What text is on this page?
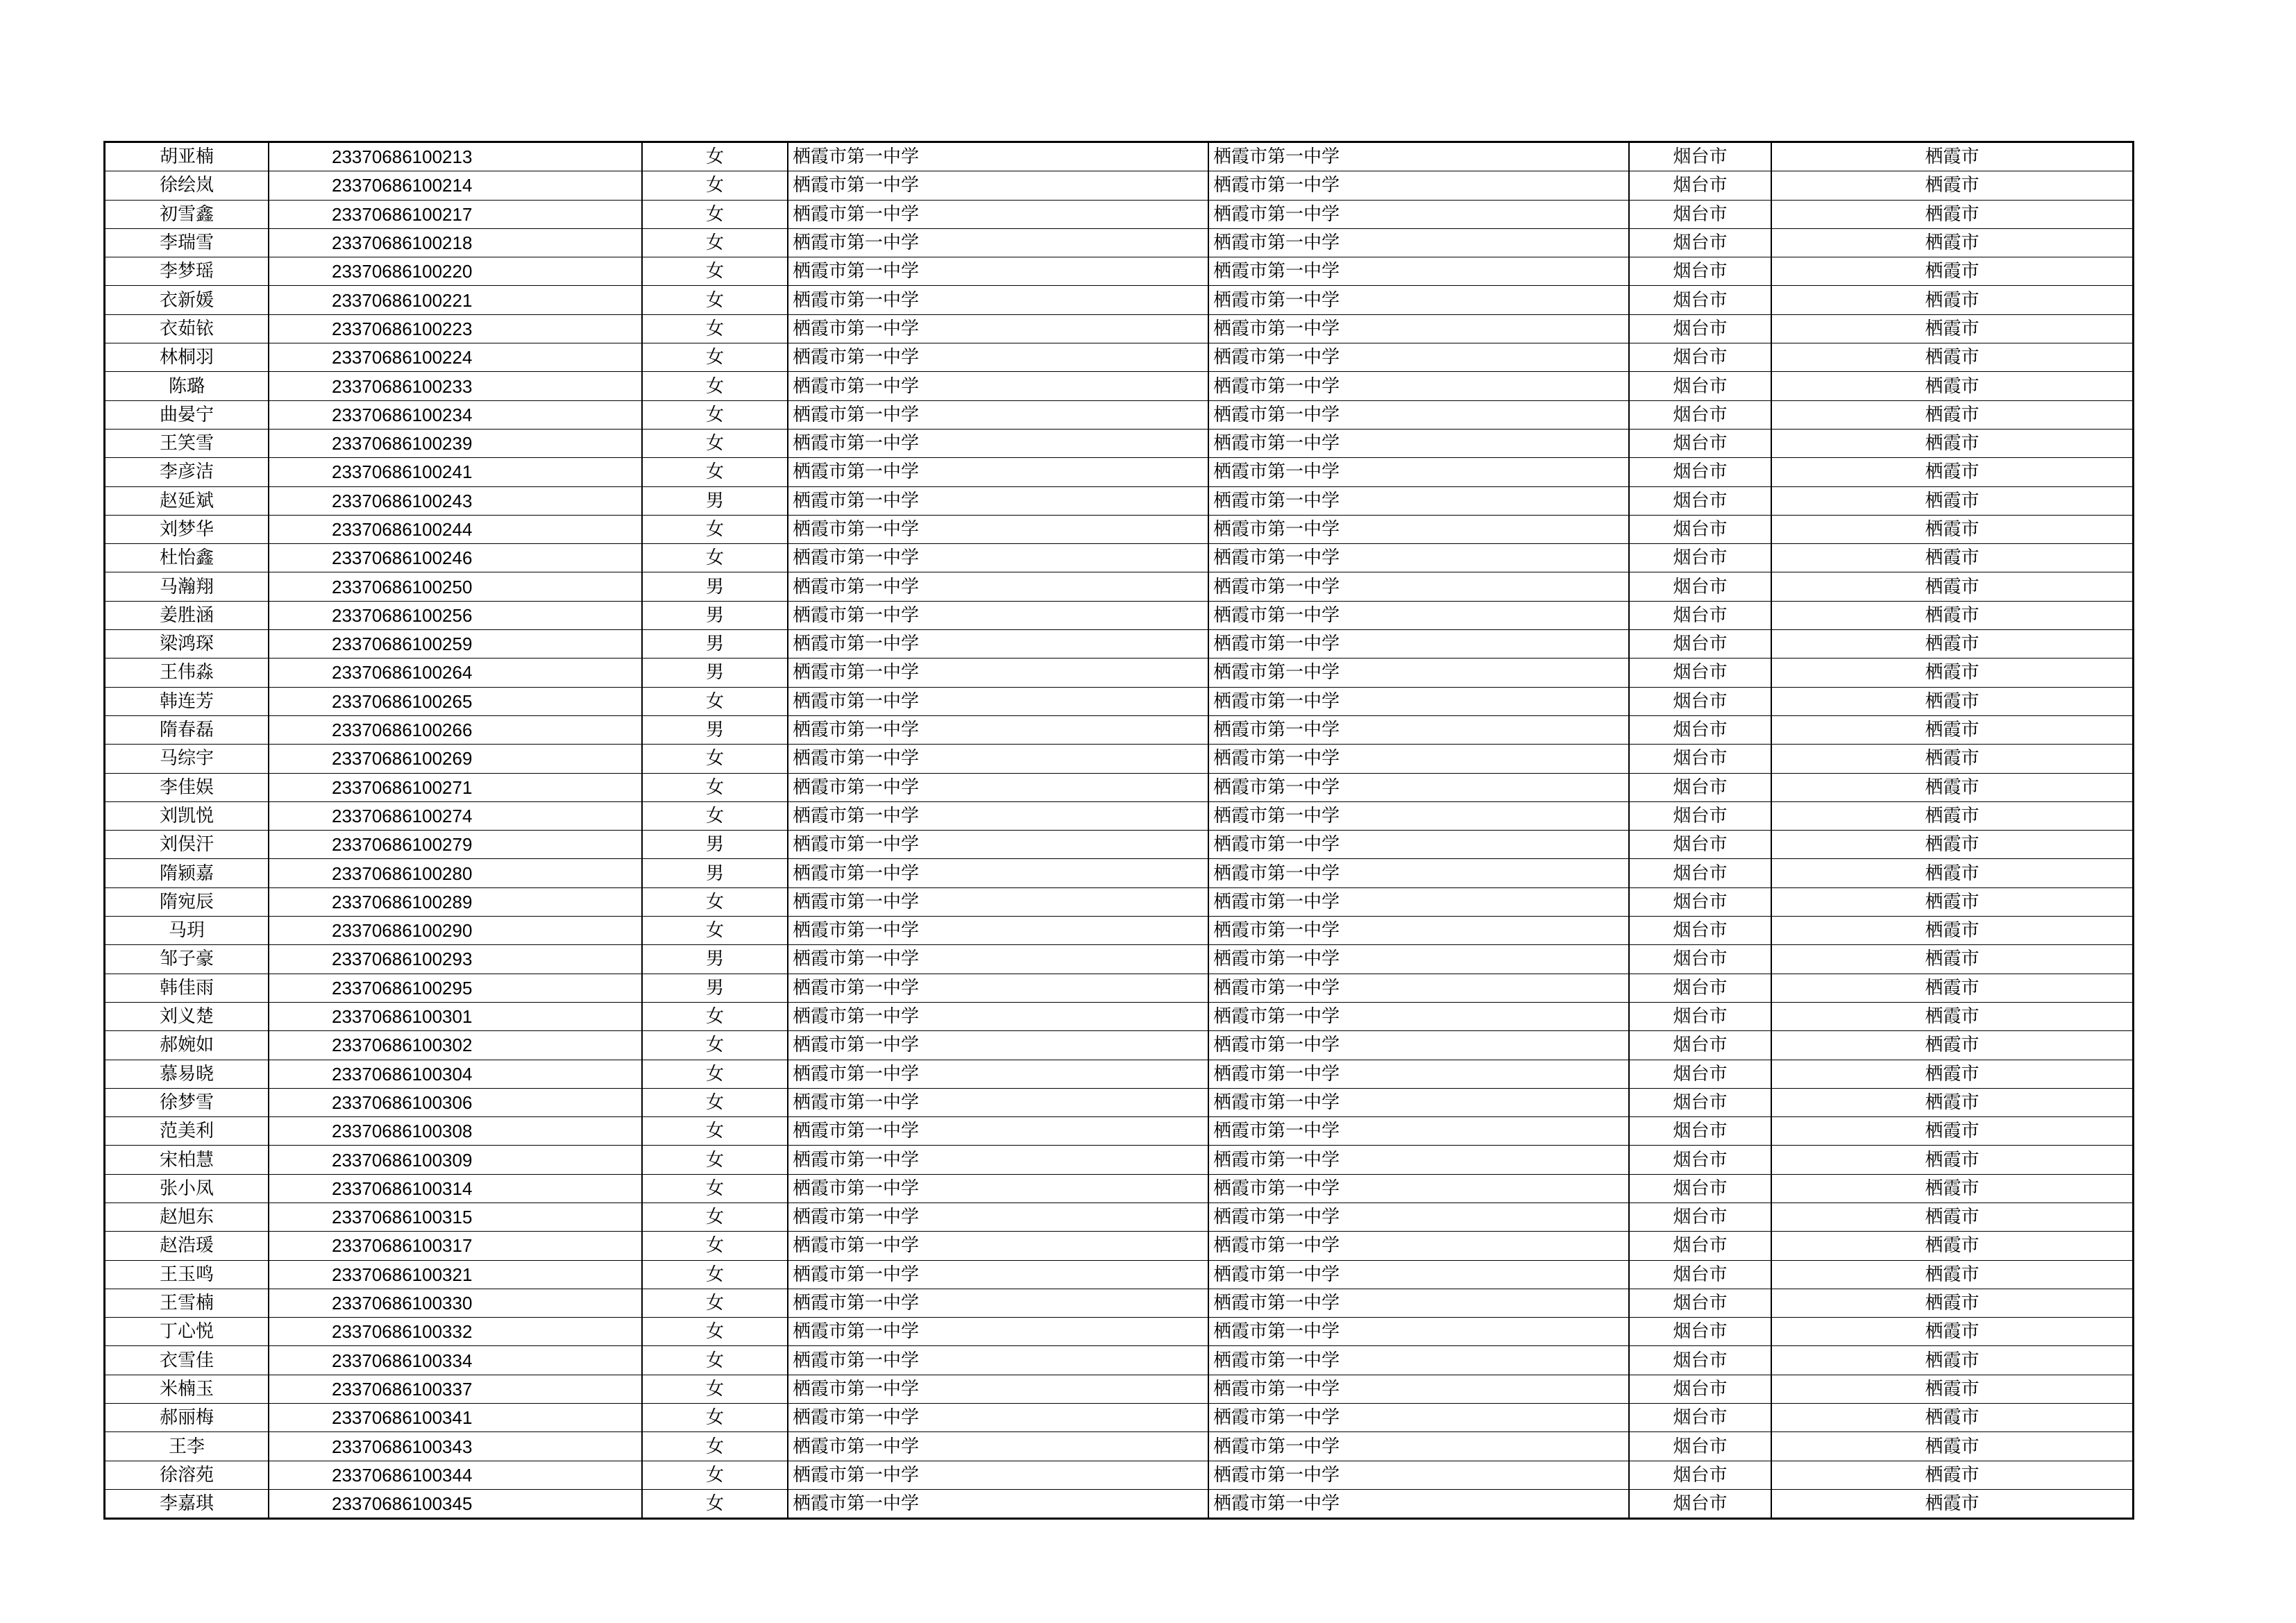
胡亚楠	23370686100213	女	栖霞市第一中学	栖霞市第一中学	烟台市	栖霞市
徐绘岚	23370686100214	女	栖霞市第一中学	栖霞市第一中学	烟台市	栖霞市
初雪鑫	23370686100217	女	栖霞市第一中学	栖霞市第一中学	烟台市	栖霞市
李瑞雪	23370686100218	女	栖霞市第一中学	栖霞市第一中学	烟台市	栖霞市
李梦瑶	23370686100220	女	栖霞市第一中学	栖霞市第一中学	烟台市	栖霞市
衣新媛	23370686100221	女	栖霞市第一中学	栖霞市第一中学	烟台市	栖霞市
衣茹铱	23370686100223	女	栖霞市第一中学	栖霞市第一中学	烟台市	栖霞市
林桐羽	23370686100224	女	栖霞市第一中学	栖霞市第一中学	烟台市	栖霞市
陈璐	23370686100233	女	栖霞市第一中学	栖霞市第一中学	烟台市	栖霞市
曲晏宁	23370686100234	女	栖霞市第一中学	栖霞市第一中学	烟台市	栖霞市
王笑雪	23370686100239	女	栖霞市第一中学	栖霞市第一中学	烟台市	栖霞市
李彦洁	23370686100241	女	栖霞市第一中学	栖霞市第一中学	烟台市	栖霞市
赵延斌	23370686100243	男	栖霞市第一中学	栖霞市第一中学	烟台市	栖霞市
刘梦华	23370686100244	女	栖霞市第一中学	栖霞市第一中学	烟台市	栖霞市
杜怡鑫	23370686100246	女	栖霞市第一中学	栖霞市第一中学	烟台市	栖霞市
马瀚翔	23370686100250	男	栖霞市第一中学	栖霞市第一中学	烟台市	栖霞市
姜胜涵	23370686100256	男	栖霞市第一中学	栖霞市第一中学	烟台市	栖霞市
梁鸿琛	23370686100259	男	栖霞市第一中学	栖霞市第一中学	烟台市	栖霞市
王伟淼	23370686100264	男	栖霞市第一中学	栖霞市第一中学	烟台市	栖霞市
韩连芳	23370686100265	女	栖霞市第一中学	栖霞市第一中学	烟台市	栖霞市
隋春磊	23370686100266	男	栖霞市第一中学	栖霞市第一中学	烟台市	栖霞市
马综宇	23370686100269	女	栖霞市第一中学	栖霞市第一中学	烟台市	栖霞市
李佳娱	23370686100271	女	栖霞市第一中学	栖霞市第一中学	烟台市	栖霞市
刘凯悦	23370686100274	女	栖霞市第一中学	栖霞市第一中学	烟台市	栖霞市
刘俣汗	23370686100279	男	栖霞市第一中学	栖霞市第一中学	烟台市	栖霞市
隋颍嘉	23370686100280	男	栖霞市第一中学	栖霞市第一中学	烟台市	栖霞市
隋宛辰	23370686100289	女	栖霞市第一中学	栖霞市第一中学	烟台市	栖霞市
马玥	23370686100290	女	栖霞市第一中学	栖霞市第一中学	烟台市	栖霞市
邹子豪	23370686100293	男	栖霞市第一中学	栖霞市第一中学	烟台市	栖霞市
韩佳雨	23370686100295	男	栖霞市第一中学	栖霞市第一中学	烟台市	栖霞市
刘义楚	23370686100301	女	栖霞市第一中学	栖霞市第一中学	烟台市	栖霞市
郝婉如	23370686100302	女	栖霞市第一中学	栖霞市第一中学	烟台市	栖霞市
慕易晓	23370686100304	女	栖霞市第一中学	栖霞市第一中学	烟台市	栖霞市
徐梦雪	23370686100306	女	栖霞市第一中学	栖霞市第一中学	烟台市	栖霞市
范美利	23370686100308	女	栖霞市第一中学	栖霞市第一中学	烟台市	栖霞市
宋柏慧	23370686100309	女	栖霞市第一中学	栖霞市第一中学	烟台市	栖霞市
张小凤	23370686100314	女	栖霞市第一中学	栖霞市第一中学	烟台市	栖霞市
赵旭东	23370686100315	女	栖霞市第一中学	栖霞市第一中学	烟台市	栖霞市
赵浩瑗	23370686100317	女	栖霞市第一中学	栖霞市第一中学	烟台市	栖霞市
王玉鸣	23370686100321	女	栖霞市第一中学	栖霞市第一中学	烟台市	栖霞市
王雪楠	23370686100330	女	栖霞市第一中学	栖霞市第一中学	烟台市	栖霞市
丁心悦	23370686100332	女	栖霞市第一中学	栖霞市第一中学	烟台市	栖霞市
衣雪佳	23370686100334	女	栖霞市第一中学	栖霞市第一中学	烟台市	栖霞市
米楠玉	23370686100337	女	栖霞市第一中学	栖霞市第一中学	烟台市	栖霞市
郝丽梅	23370686100341	女	栖霞市第一中学	栖霞市第一中学	烟台市	栖霞市
王李	23370686100343	女	栖霞市第一中学	栖霞市第一中学	烟台市	栖霞市
徐溶苑	23370686100344	女	栖霞市第一中学	栖霞市第一中学	烟台市	栖霞市
李嘉琪	23370686100345	女	栖霞市第一中学	栖霞市第一中学	烟台市	栖霞市
